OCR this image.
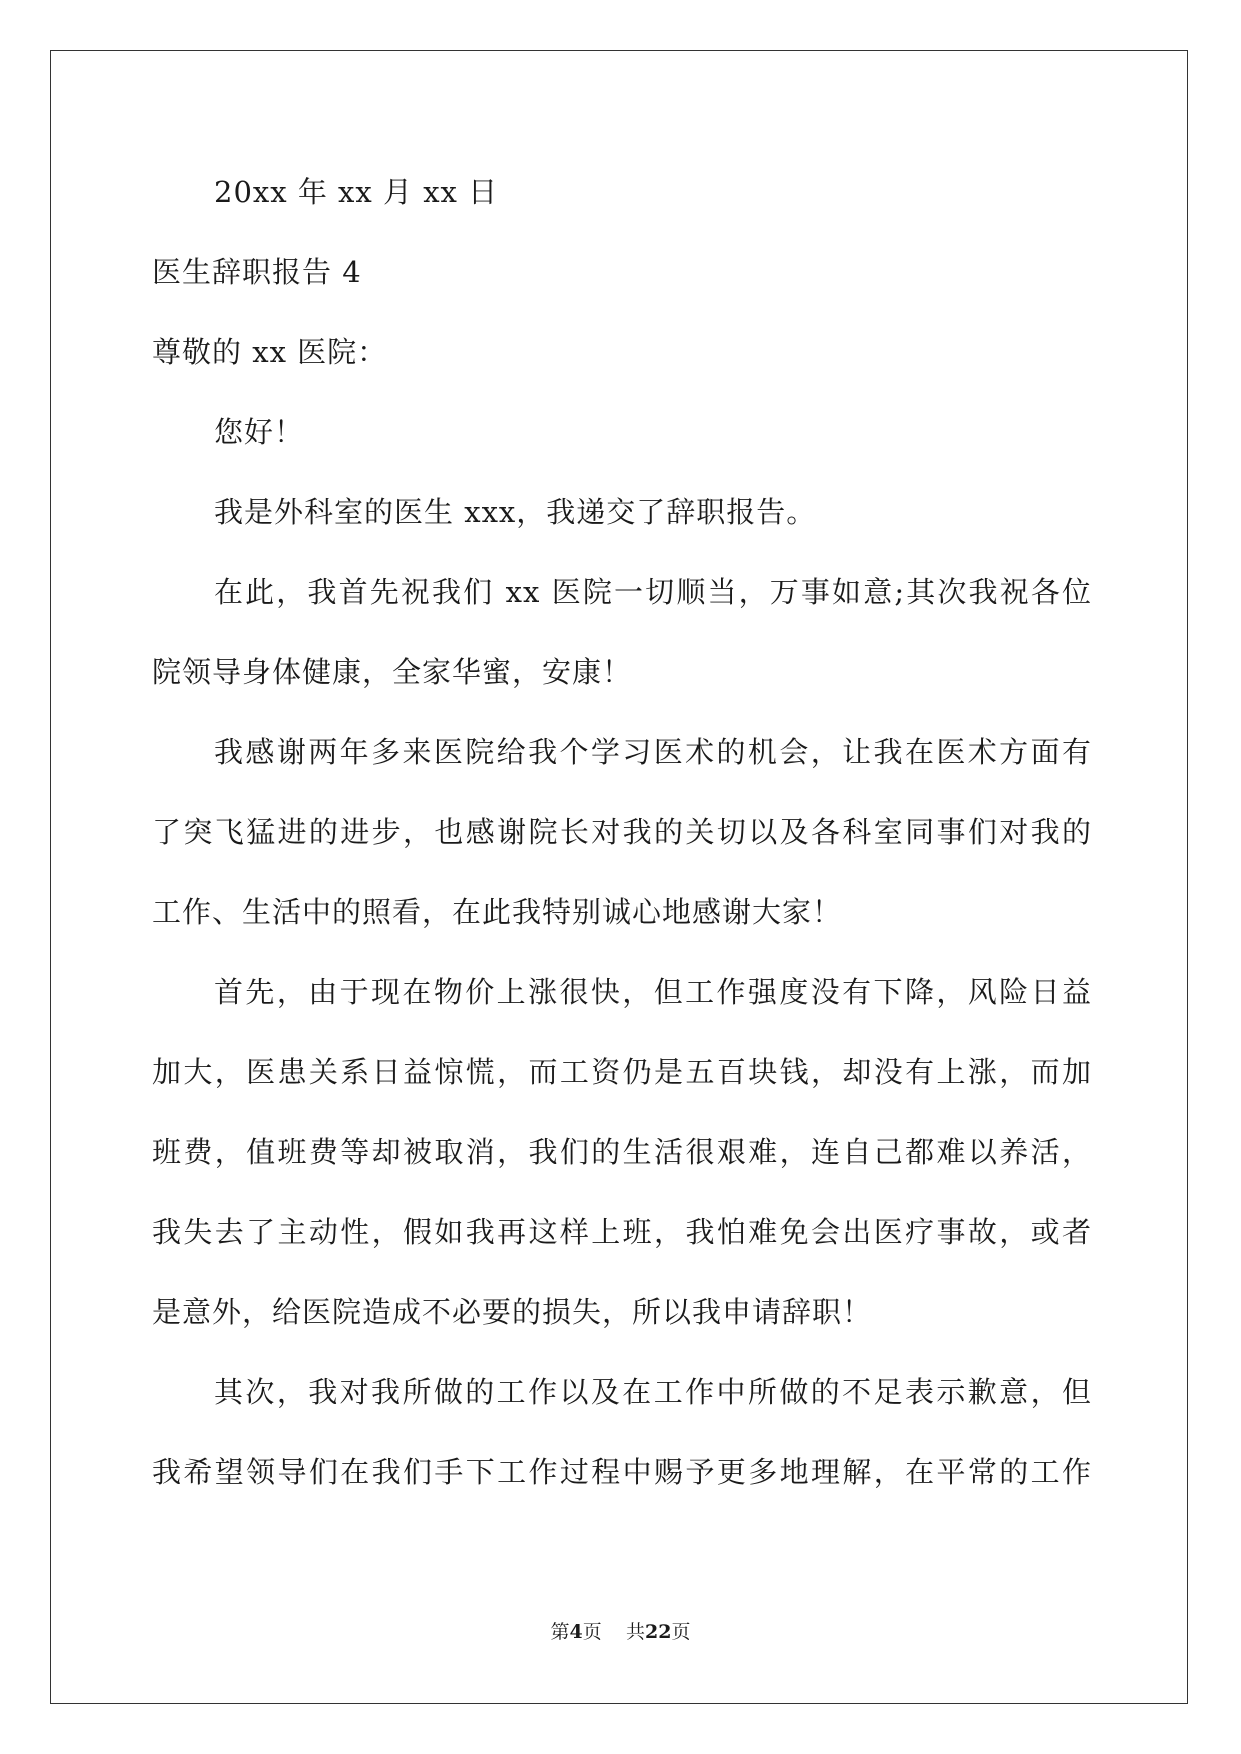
20xx 年 xx 月 xx 日
医生辞职报告 4
尊敬的 xx 医院：
您好！
我是外科室的医生 xxx，我递交了辞职报告。
在此，我首先祝我们 xx 医院一切顺当，万事如意;其次我祝各位
院领导身体健康，全家华蜜，安康！
我感谢两年多来医院给我个学习医术的机会，让我在医术方面有
了突飞猛进的进步，也感谢院长对我的关切以及各科室同事们对我的
工作、生活中的照看，在此我特别诚心地感谢大家！
首先，由于现在物价上涨很快，但工作强度没有下降，风险日益
加大，医患关系日益惊慌，而工资仍是五百块钱，却没有上涨，而加
班费，值班费等却被取消，我们的生活很艰难，连自己都难以养活，
我失去了主动性，假如我再这样上班，我怕难免会出医疗事故，或者
是意外，给医院造成不必要的损失，所以我申请辞职！
其次，我对我所做的工作以及在工作中所做的不足表示歉意，但
我希望领导们在我们手下工作过程中赐予更多地理解，在平常的工作
第4页 共22页
